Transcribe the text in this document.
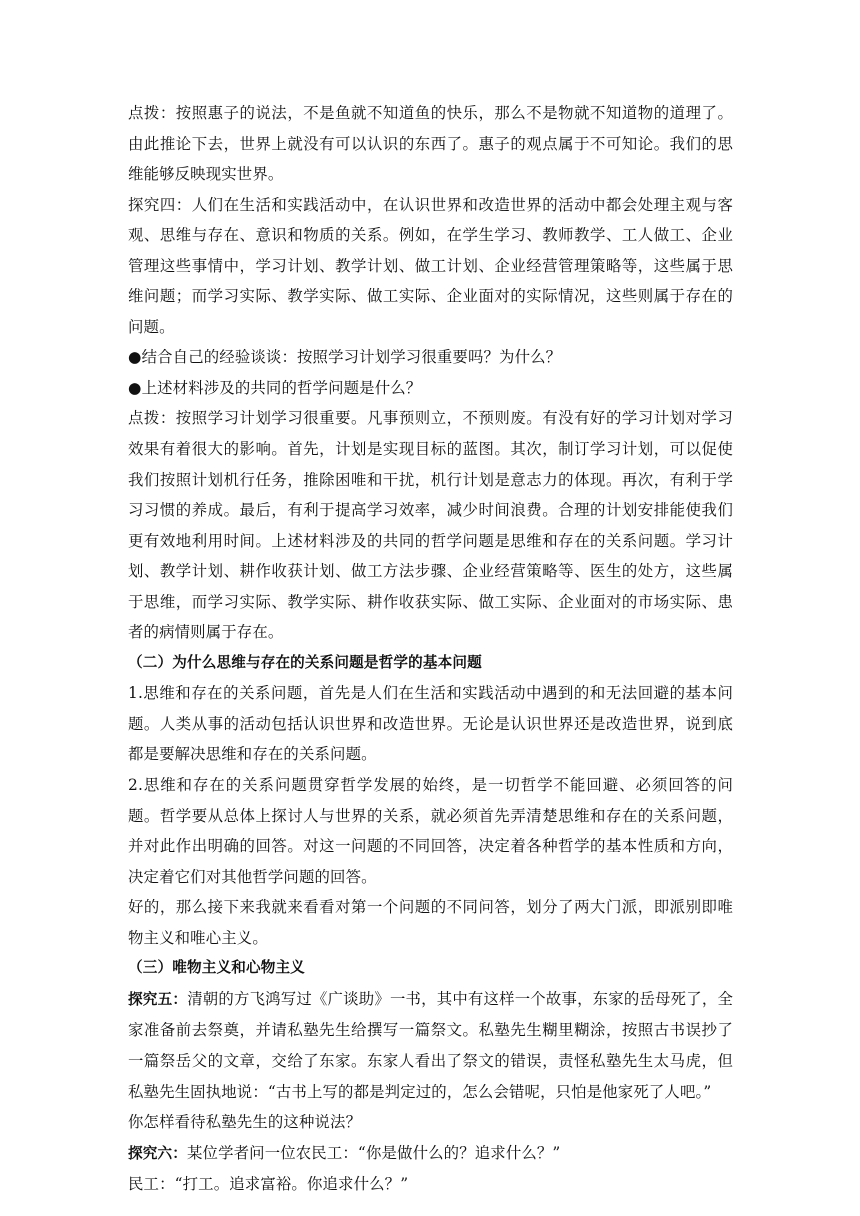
点拨：按照惠子的说法，不是鱼就不知道鱼的快乐，那么不是物就不知道物的道理了。由此推论下去，世界上就没有可以认识的东西了。惠子的观点属于不可知论。我们的思维能够反映现实世界。

探究四：人们在生活和实践活动中，在认识世界和改造世界的活动中都会处理主观与客观、思维与存在、意识和物质的关系。例如，在学生学习、教师教学、工人做工、企业管理这些事情中，学习计划、教学计划、做工计划、企业经营管理策略等，这些属于思维问题；而学习实际、教学实际、做工实际、企业面对的实际情况，这些则属于存在的问题。

●结合自己的经验谈谈：按照学习计划学习很重要吗？为什么？

●上述材料涉及的共同的哲学问题是什么？

点拨：按照学习计划学习很重要。凡事预则立，不预则废。有没有好的学习计划对学习效果有着很大的影响。首先，计划是实现目标的蓝图。其次，制订学习计划，可以促使我们按照计划机行任务，推除困唯和干扰，机行计划是意志力的体现。再次，有利于学习习惯的养成。最后，有利于提高学习效率，减少时间浪费。合理的计划安排能使我们更有效地利用时间。上述材料涉及的共同的哲学问题是思维和存在的关系问题。学习计划、教学计划、耕作收获计划、做工方法步骤、企业经营策略等、医生的处方，这些属于思维，而学习实际、教学实际、耕作收获实际、做工实际、企业面对的市场实际、患者的病情则属于存在。

（二）为什么思维与存在的关系问题是哲学的基本问题

1.思维和存在的关系问题，首先是人们在生活和实践活动中遇到的和无法回避的基本问题。人类从事的活动包括认识世界和改造世界。无论是认识世界还是改造世界，说到底都是要解决思维和存在的关系问题。

2.思维和存在的关系问题贯穿哲学发展的始终，是一切哲学不能回避、必须回答的问题。哲学要从总体上探讨人与世界的关系，就必须首先弄清楚思维和存在的关系问题，并对此作出明确的回答。对这一问题的不同回答，决定着各种哲学的基本性质和方向，决定着它们对其他哲学问题的回答。

好的，那么接下来我就来看看对第一个问题的不同问答，划分了两大门派，即派别即唯物主义和唯心主义。

（三）唯物主义和心物主义

探究五：清朝的方飞鸿写过《广谈助》一书，其中有这样一个故事，东家的岳母死了，全家准备前去祭奠，并请私塾先生给撰写一篇祭文。私塾先生糊里糊涂，按照古书误抄了一篇祭岳父的文章，交给了东家。东家人看出了祭文的错误，责怪私塾先生太马虎，但私塾先生固执地说：“古书上写的都是判定过的，怎么会错呢，只怕是他家死了人吧。”

你怎样看待私塾先生的这种说法？

探究六：某位学者问一位农民工：“你是做什么的？追求什么？”

民工：“打工。追求富裕。你追求什么？”
